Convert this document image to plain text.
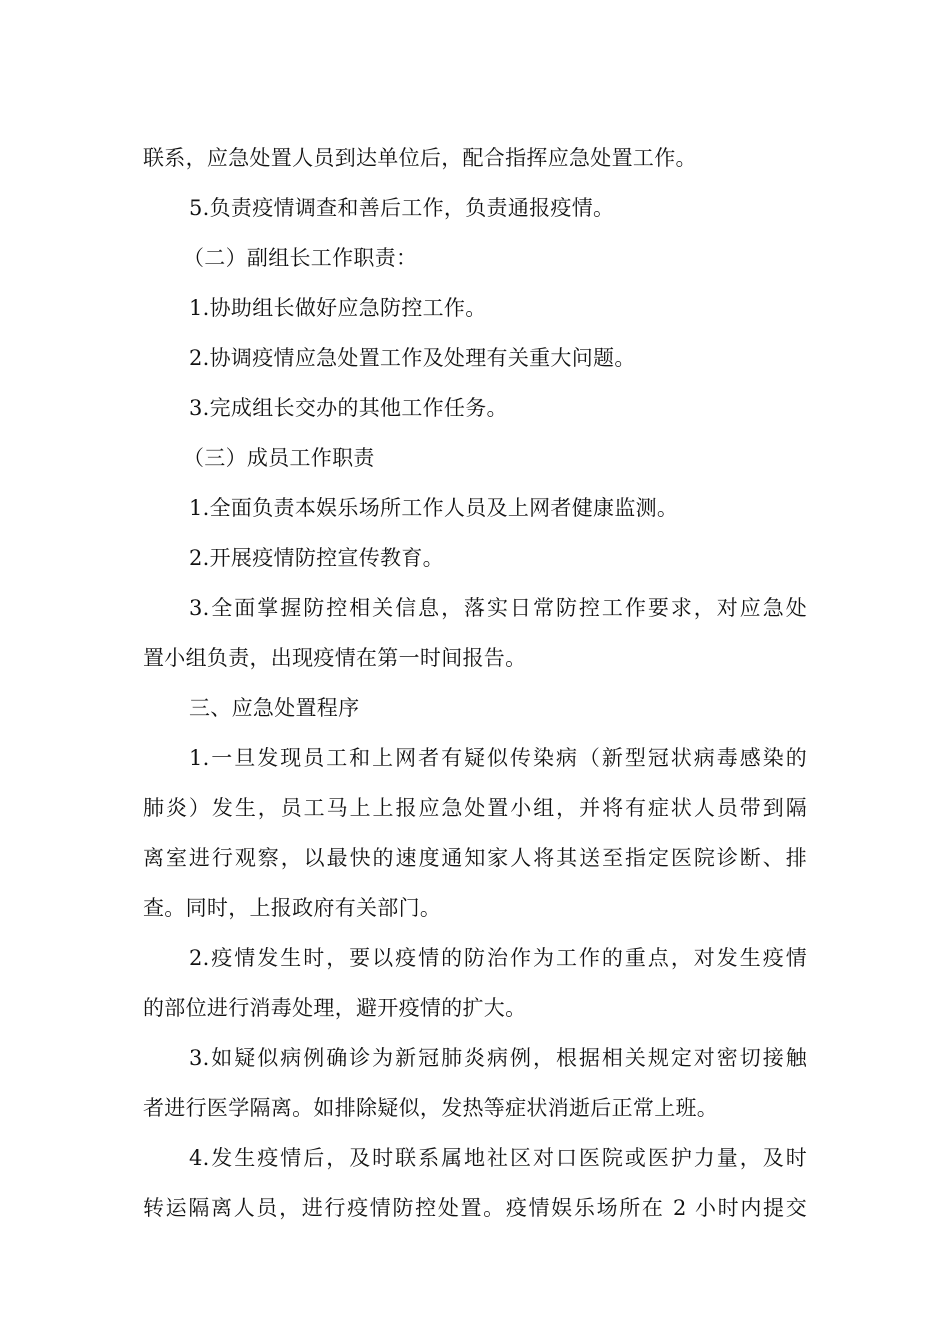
联系，应急处置人员到达单位后，配合指挥应急处置工作。
5.负责疫情调查和善后工作，负责通报疫情。
（二）副组长工作职责：
1.协助组长做好应急防控工作。
2.协调疫情应急处置工作及处理有关重大问题。
3.完成组长交办的其他工作任务。
（三）成员工作职责
1.全面负责本娱乐场所工作人员及上网者健康监测。
2.开展疫情防控宣传教育。
3.全面掌握防控相关信息，落实日常防控工作要求，对应急处
置小组负责，出现疫情在第一时间报告。
三、应急处置程序
1.一旦发现员工和上网者有疑似传染病（新型冠状病毒感染的
肺炎）发生，员工马上上报应急处置小组，并将有症状人员带到隔
离室进行观察，以最快的速度通知家人将其送至指定医院诊断、排
查。同时，上报政府有关部门。
2.疫情发生时，要以疫情的防治作为工作的重点，对发生疫情
的部位进行消毒处理，避开疫情的扩大。
3.如疑似病例确诊为新冠肺炎病例，根据相关规定对密切接触
者进行医学隔离。如排除疑似，发热等症状消逝后正常上班。
4.发生疫情后，及时联系属地社区对口医院或医护力量，及时
转运隔离人员，进行疫情防控处置。疫情娱乐场所在 2 小时内提交
